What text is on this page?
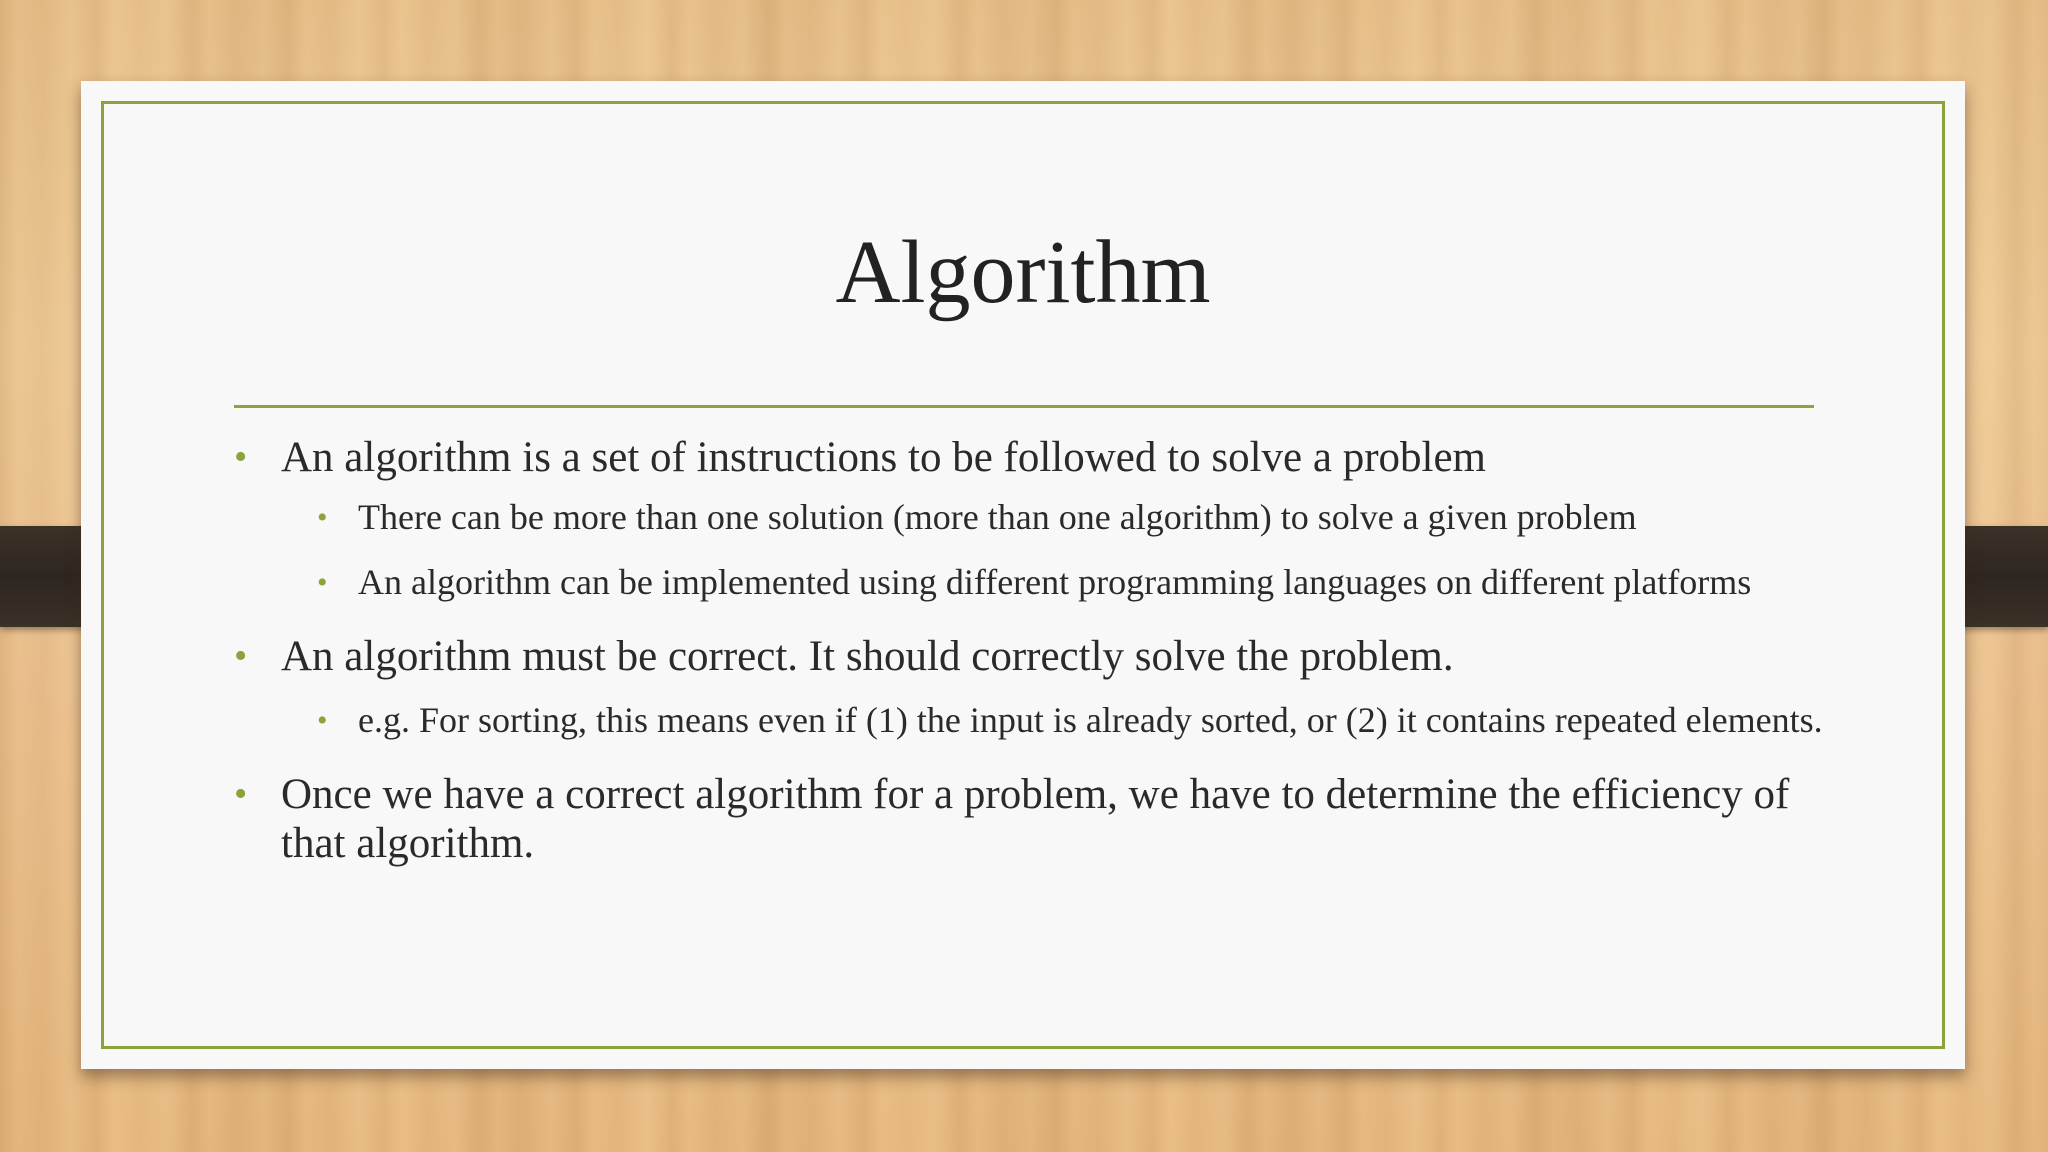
Algorithm
• An algorithm is a set of instructions to be followed to solve a problem
• There can be more than one solution (more than one algorithm) to solve a given problem
• An algorithm can be implemented using different programming languages on different platforms
• An algorithm must be correct. It should correctly solve the problem.
• e.g. For sorting, this means even if (1) the input is already sorted, or (2) it contains repeated elements.
• Once we have a correct algorithm for a problem, we have to determine the efficiency of that algorithm.
